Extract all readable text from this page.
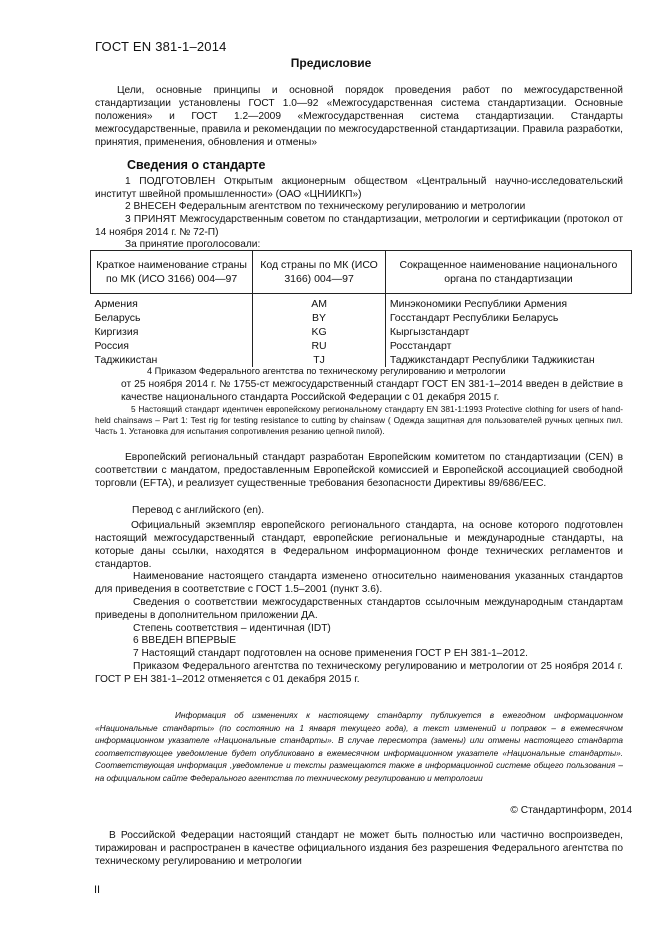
ГОСТ EN 381-1–2014
Предисловие
Цели, основные принципы и основной порядок проведения работ по межгосударственной стандартизации установлены ГОСТ 1.0—92 «Межгосударственная система стандартизации. Основные положения» и ГОСТ 1.2—2009 «Межгосударственная система стандартизации. Стандарты межгосударственные, правила и рекомендации по межгосударственной стандартизации. Правила разработки, принятия, применения, обновления и отмены»
Сведения о стандарте
1 ПОДГОТОВЛЕН Открытым акционерным обществом «Центральный научно-исследовательский институт швейной промышленности» (ОАО «ЦНИИКП»)
2 ВНЕСЕН Федеральным агентством по техническому регулированию и метрологии
3 ПРИНЯТ Межгосударственным советом по стандартизации, метрологии и сертификации (протокол от 14 ноября 2014 г. № 72-П)
За принятие проголосовали:
Краткое наименование страны по МК (ИСО 3166) 004—97	Код страны по МК (ИСО 3166) 004—97	Сокращенное наименование национального органа по стандартизации
Армения	AM	Минэкономики Республики Армения
Беларусь	BY	Госстандарт Республики Беларусь
Киргизия	KG	Кыргызстандарт
Россия	RU	Росстандарт
Таджикистан	TJ	Таджикстандарт Республики Таджикистан
4 Приказом Федерального агентства по техническому регулированию и метрологии
от 25 ноября 2014 г. № 1755-ст межгосударственный стандарт ГОСТ EN 381-1–2014 введен в действие в качестве национального стандарта Российской Федерации с 01 декабря 2015 г.
5 Настоящий стандарт идентичен европейскому региональному стандарту EN 381-1:1993 Protective clothing for users of hand-held chainsaws – Part 1: Test rig for testing resistance to cutting by chainsaw ( Одежда защитная для пользователей ручных цепных пил. Часть 1. Установка для испытания сопротивления резанию цепной пилой).
Европейский региональный стандарт разработан Европейским комитетом по стандартизации (CEN) в соответствии с мандатом, предоставленным Европейской комиссией и Европейской ассоциацией свободной торговли (EFTA), и реализует существенные требования безопасности Директивы 89/686/ЕЕС.
Перевод с английского (en).
Официальный экземпляр европейского регионального стандарта, на основе которого подготовлен настоящий межгосударственный стандарт, европейские региональные и международные стандарты, на которые даны ссылки, находятся в Федеральном информационном фонде технических регламентов и стандартов.
Наименование настоящего стандарта изменено относительно наименования указанных стандартов для приведения в соответствие с ГОСТ 1.5–2001 (пункт 3.6).
Сведения о соответствии межгосударственных стандартов ссылочным международным стандартам приведены в дополнительном приложении ДА.
Степень соответствия – идентичная (IDT)
6 ВВЕДЕН ВПЕРВЫЕ
7 Настоящий стандарт подготовлен на основе применения ГОСТ Р ЕН 381-1–2012.
Приказом Федерального агентства по техническому регулированию и метрологии от 25 ноября 2014 г. ГОСТ Р ЕН 381-1–2012 отменяется с 01 декабря 2015 г.
Информация об изменениях к настоящему стандарту публикуется в ежегодном информационном «Национальные стандарты» (по состоянию на 1 января текущего года), а текст изменений и поправок – в ежемесячном информационном указателе «Национальные стандарты». В случае пересмотра (замены) или отмены настоящего стандарта соответствующее уведомление будет опубликовано в ежемесячном информационном указателе «Национальные стандарты». Соответствующая информация ,уведомление и тексты размещаются также в информационной системе общего пользования – на официальном сайте Федерального агентства по техническому регулированию и метрологии
© Стандартинформ, 2014
В Российской Федерации настоящий стандарт не может быть полностью или частично воспроизведен, тиражирован и распространен в качестве официального издания без разрешения Федерального агентства по техническому регулированию и метрологии
II
